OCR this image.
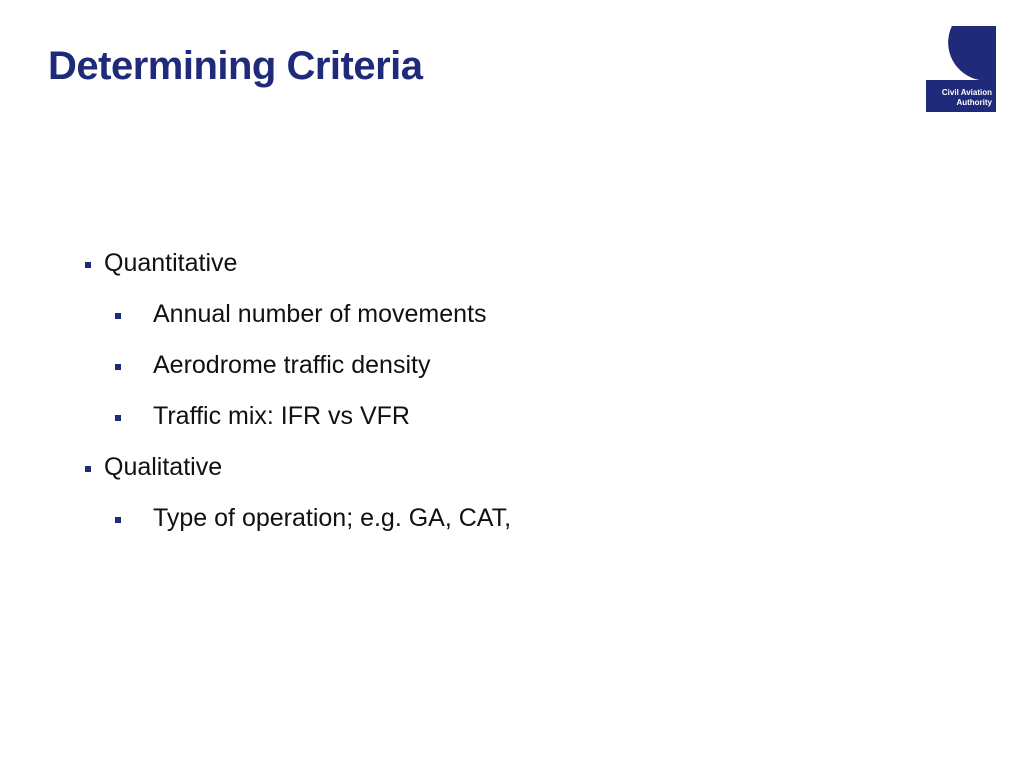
Determining Criteria
Civil Aviation
Authority
Quantitative
Annual number of movements
Aerodrome traffic density
Traffic mix: IFR vs VFR
Qualitative
Type of operation; e.g. GA, CAT,
